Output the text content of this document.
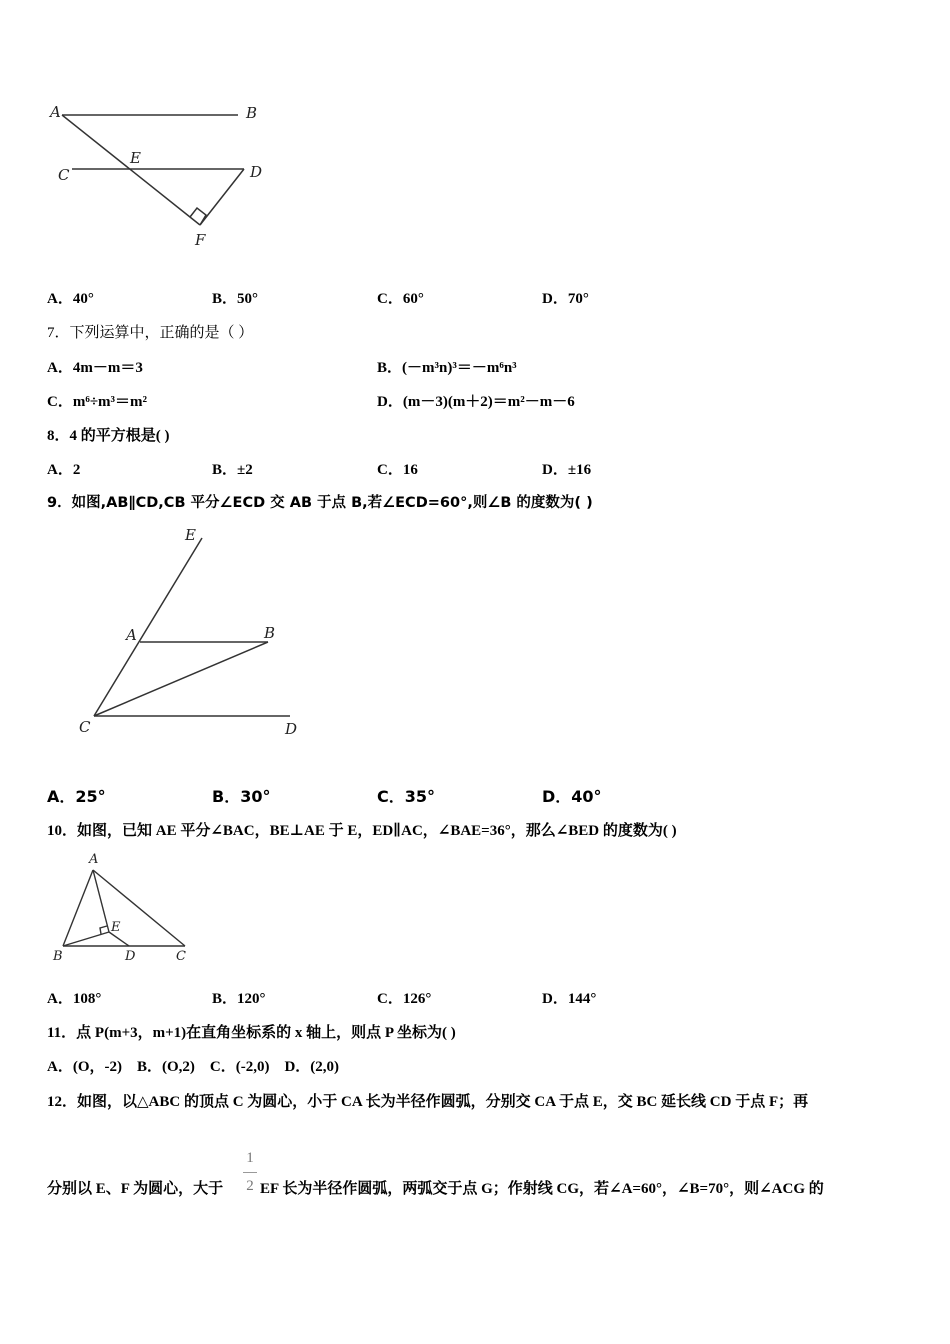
A	B
C
E
D
F
A．40°	B．50°	C．60°	D．70°
7．下列运算中，正确的是（ ）
A．4m－m＝3	B．(－m³n)³＝－m⁶n³
C．m⁶÷m³＝m²	D．(m－3)(m＋2)＝m²－m－6
8．4 的平方根是( )
A．2	B．±2	C．16	D．±16
9．如图,AB∥CD,CB 平分∠ECD 交 AB 于点 B,若∠ECD=60°,则∠B 的度数为( )
E
A	B
C	D
A．25°	B．30°	C．35°	D．40°
10．如图，已知 AE 平分∠BAC，BE⊥AE 于 E，ED∥AC，∠BAE=36°，那么∠BED 的度数为( )
A
B	D	C
E
A．108°	B．120°	C．126°	D．144°
11．点 P(m+3，m+1)在直角坐标系的 x 轴上，则点 P 坐标为( )
A．(O，-2)    B．(O,2)    C．(-2,0)    D．(2,0)
12．如图，以△ABC 的顶点 C 为圆心，小于 CA 长为半径作圆弧，分别交 CA 于点 E，交 BC 延长线 CD 于点 F；再
分别以 E、F 为圆心，大于
1
2 EF 长为半径作圆弧，两弧交于点 G；作射线 CG，若∠A=60°，∠B=70°，则∠ACG 的
